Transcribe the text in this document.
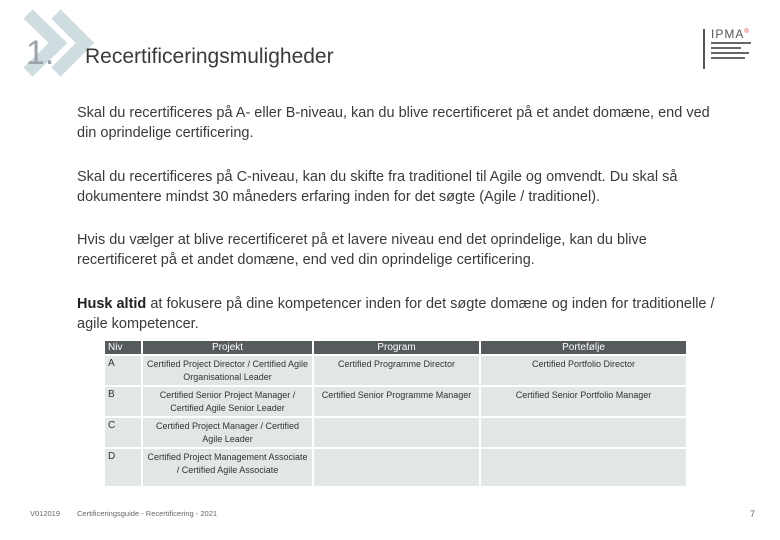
1. Recertificeringsmuligheder
IPMA®
Skal du recertificeres på A- eller B-niveau, kan du blive recertificeret på et andet domæne, end ved din oprindelige certificering.
Skal du recertificeres på C-niveau, kan du skifte fra traditionel til Agile og omvendt. Du skal så dokumentere mindst 30 måneders erfaring inden for det søgte (Agile / traditionel).
Hvis du vælger at blive recertificeret på et lavere niveau end det oprindelige, kan du blive recertificeret på et andet domæne, end ved din oprindelige certificering.
Husk altid at fokusere på dine kompetencer inden for det søgte domæne og inden for traditionelle / agile kompetencer.
Niv	Projekt	Program	Portefølje
A	Certified Project Director / Certified Agile Organisational Leader	Certified Programme Director	Certified Portfolio Director
B	Certified Senior Project Manager / Certified Agile Senior Leader	Certified Senior Programme Manager	Certified Senior Portfolio Manager
C	Certified Project Manager / Certified Agile Leader		
D	Certified Project Management Associate / Certified Agile Associate		
V012019 Certificeringsguide - Recertificering - 2021	7
